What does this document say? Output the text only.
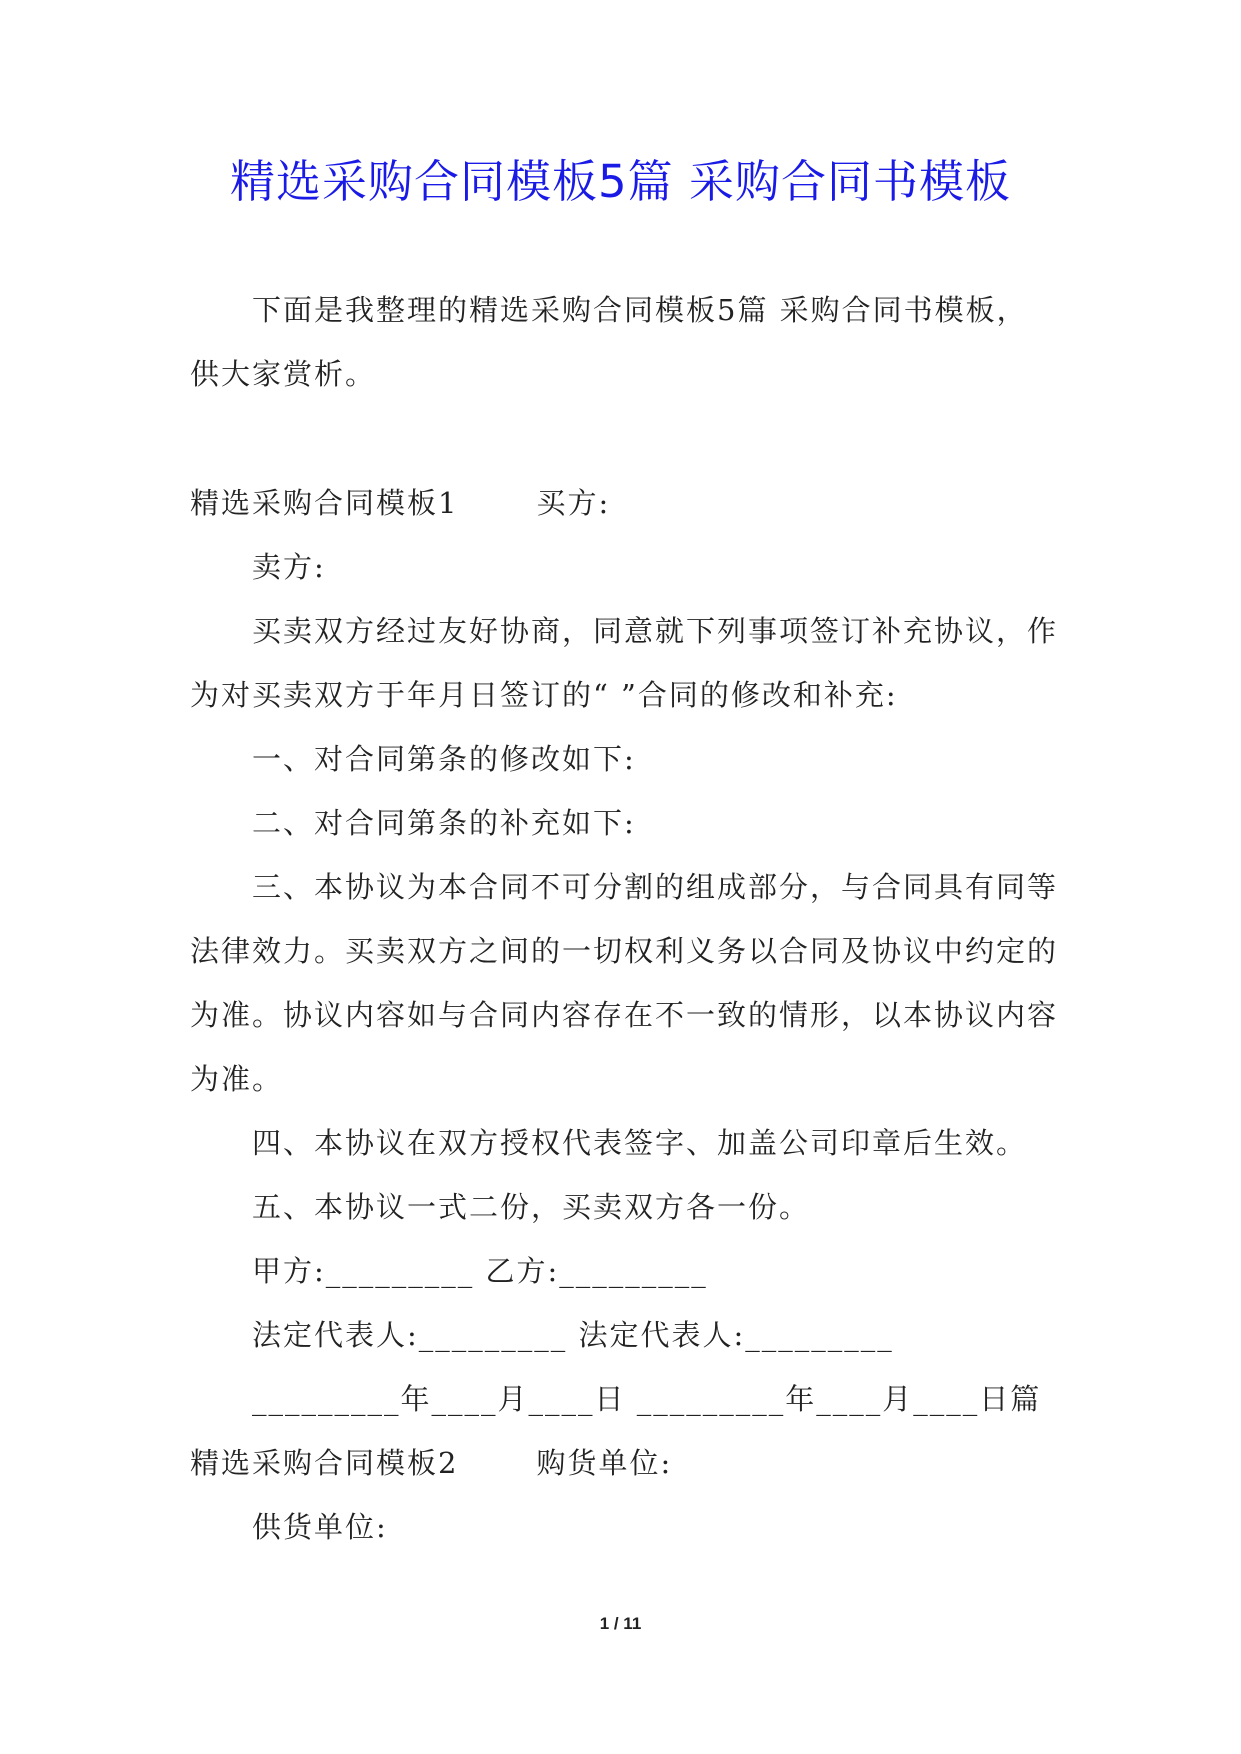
精选采购合同模板5篇 采购合同书模板
下面是我整理的精选采购合同模板5篇 采购合同书模板，
供大家赏析。
精选采购合同模板1	买方:
卖方:
买卖双方经过友好协商，同意就下列事项签订补充协议，作
为对买卖双方于年月日签订的“ ”合同的修改和补充:
一、对合同第条的修改如下:
二、对合同第条的补充如下:
三、本协议为本合同不可分割的组成部分，与合同具有同等
法律效力。买卖双方之间的一切权利义务以合同及协议中约定的
为准。协议内容如与合同内容存在不一致的情形，以本协议内容
为准。
四、本协议在双方授权代表签字、加盖公司印章后生效。
五、本协议一式二份，买卖双方各一份。
甲方:_________ 乙方:_________
法定代表人:_________ 法定代表人:_________
_________年____月____日 _________年____月____日篇
精选采购合同模板2	购货单位:
供货单位:
1 / 11
